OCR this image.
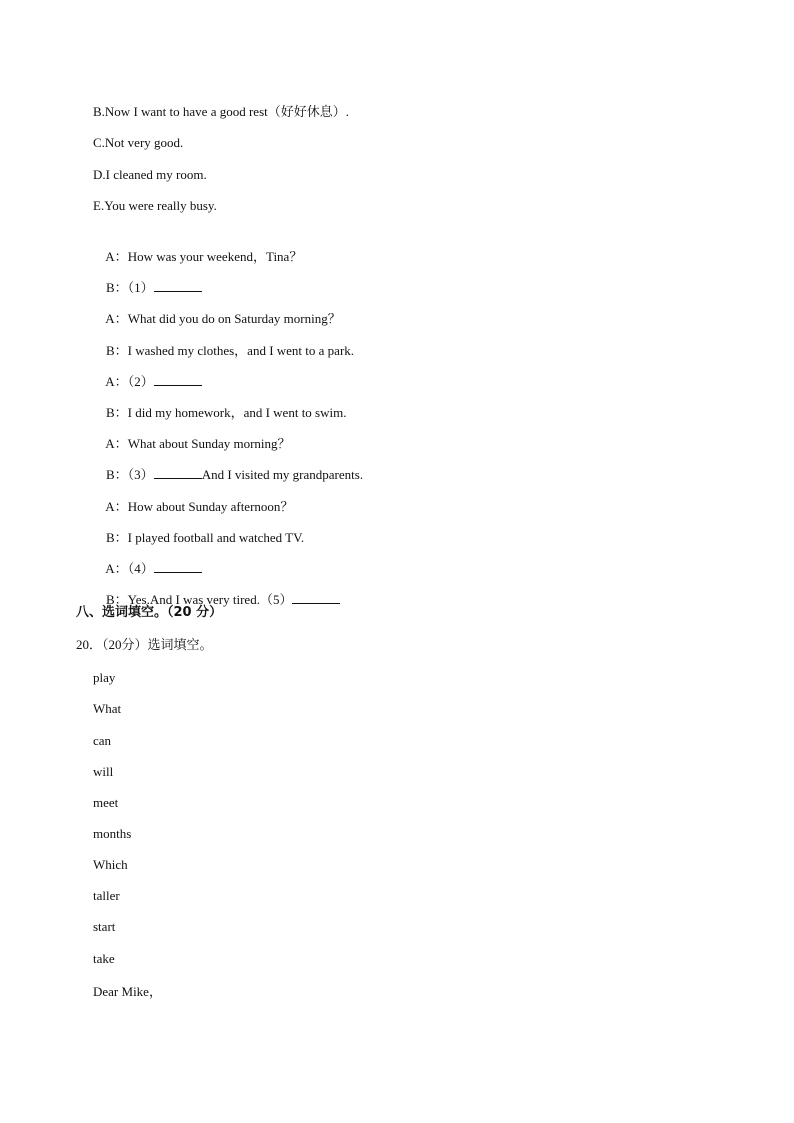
B.Now I want to have a good rest（好好休息）.
C.Not very good.
D.I cleaned my room.
E.You were really busy.

A：How was your weekend，Tina？

B：（1）

A：What did you do on Saturday morning？

B：I washed my clothes，and I went to a park.

A：（2）

B：I did my homework，and I went to swim.

A：What about Sunday morning？

B：（3）	And I visited my grandparents.

A：How about Sunday afternoon？

B：I played football and watched TV.

A：（4）

B：Yes.And I was very tired.（5）

八、选词填空。（20 分）
20．（20分）选词填空。
play
What
can
will
meet
months
Which
taller
start
take
Dear Mike，
